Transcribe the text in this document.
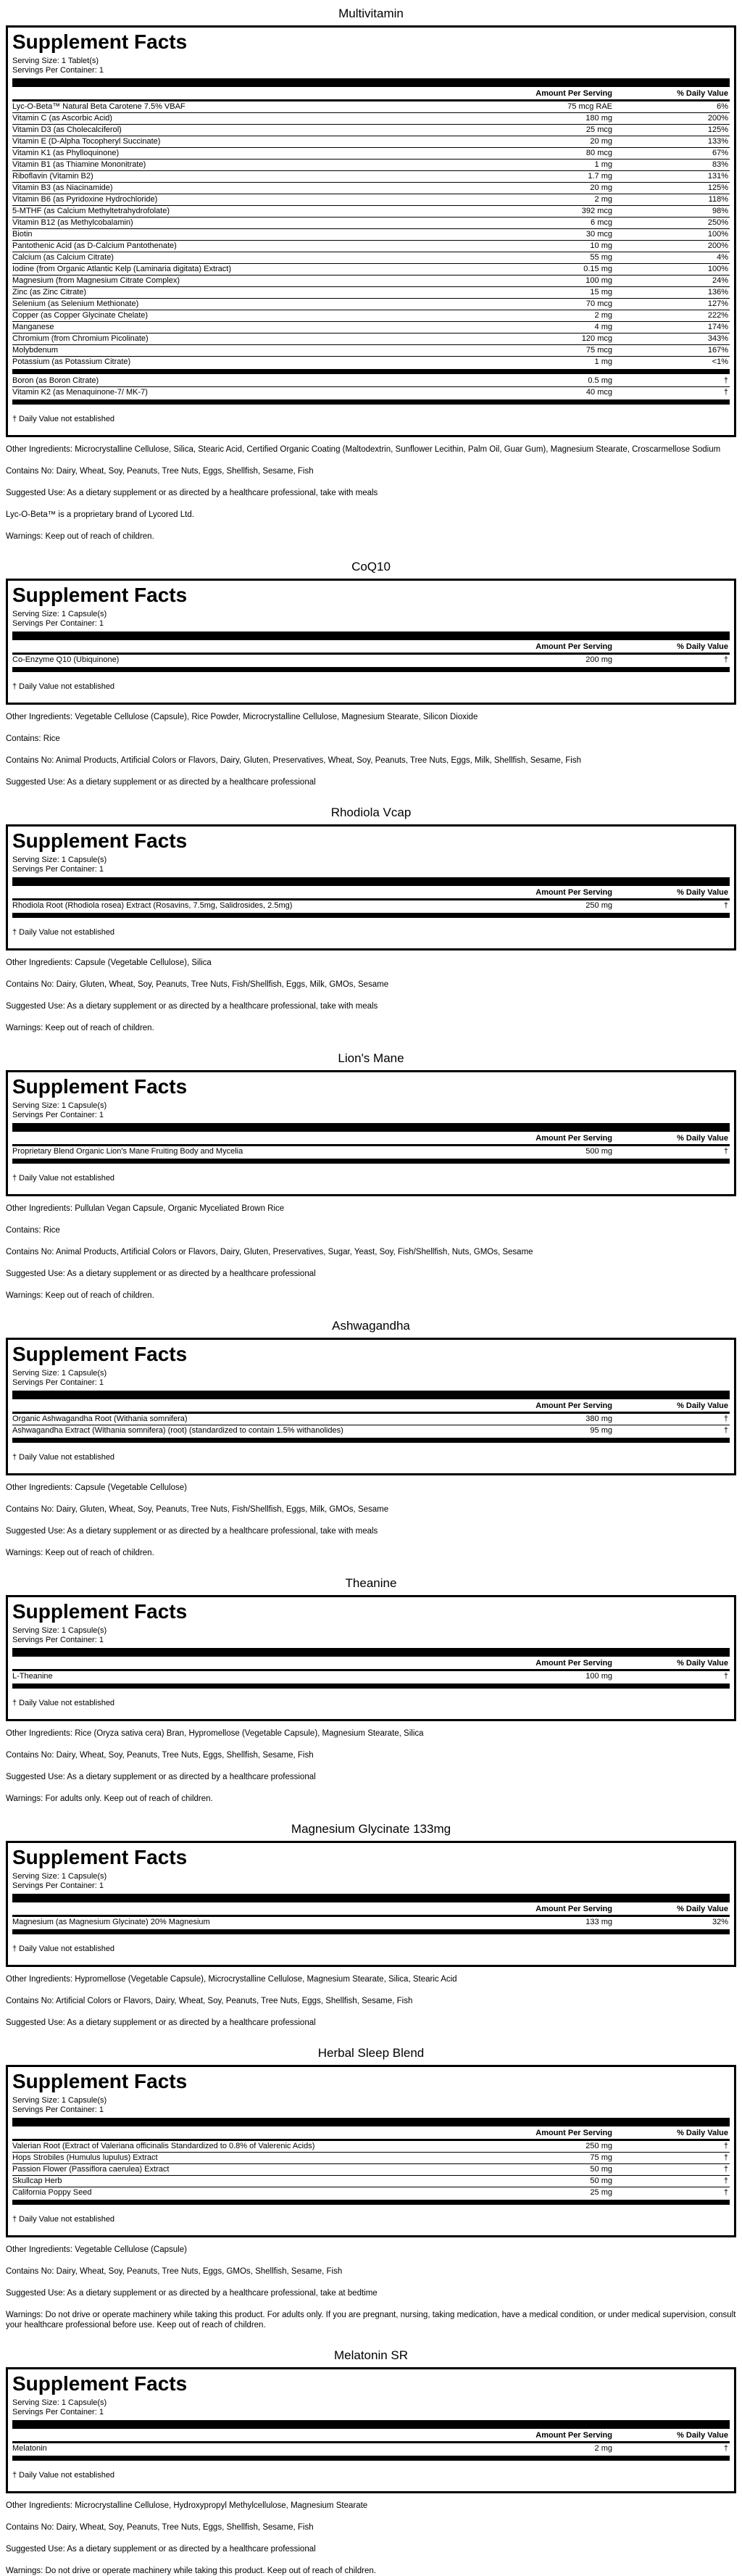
Multivitamin
Supplement Facts
Serving Size: 1 Tablet(s)
Servings Per Container: 1
Amount Per Serving	% Daily Value
Lyc-O-Beta™ Natural Beta Carotene 7.5% VBAF	75 mcg RAE	6%
Vitamin C (as Ascorbic Acid)	180 mg	200%
Vitamin D3 (as Cholecalciferol)	25 mcg	125%
Vitamin E (D-Alpha Tocopheryl Succinate)	20 mg	133%
Vitamin K1 (as Phylloquinone)	80 mcg	67%
Vitamin B1 (as Thiamine Mononitrate)	1 mg	83%
Riboflavin (Vitamin B2)	1.7 mg	131%
Vitamin B3 (as Niacinamide)	20 mg	125%
Vitamin B6 (as Pyridoxine Hydrochloride)	2 mg	118%
5-MTHF (as Calcium Methyltetrahydrofolate)	392 mcg	98%
Vitamin B12 (as Methylcobalamin)	6 mcg	250%
Biotin	30 mcg	100%
Pantothenic Acid (as D-Calcium Pantothenate)	10 mg	200%
Calcium (as Calcium Citrate)	55 mg	4%
Iodine (from Organic Atlantic Kelp (Laminaria digitata) Extract)	0.15 mg	100%
Magnesium (from Magnesium Citrate Complex)	100 mg	24%
Zinc (as Zinc Citrate)	15 mg	136%
Selenium (as Selenium Methionate)	70 mcg	127%
Copper (as Copper Glycinate Chelate)	2 mg	222%
Manganese	4 mg	174%
Chromium (from Chromium Picolinate)	120 mcg	343%
Molybdenum	75 mcg	167%
Potassium (as Potassium Citrate)	1 mg	<1%
Boron (as Boron Citrate)	0.5 mg	†
Vitamin K2 (as Menaquinone-7/ MK-7)	40 mcg	†
† Daily Value not established

Other Ingredients: Microcrystalline Cellulose, Silica, Stearic Acid, Certified Organic Coating (Maltodextrin, Sunflower Lecithin, Palm Oil, Guar Gum), Magnesium Stearate, Croscarmellose Sodium

Contains No: Dairy, Wheat, Soy, Peanuts, Tree Nuts, Eggs, Shellfish, Sesame, Fish

Suggested Use: As a dietary supplement or as directed by a healthcare professional, take with meals

Lyc-O-Beta™ is a proprietary brand of Lycored Ltd.

Warnings: Keep out of reach of children.

CoQ10
Supplement Facts
Serving Size: 1 Capsule(s)
Servings Per Container: 1
Amount Per Serving	% Daily Value
Co-Enzyme Q10 (Ubiquinone)	200 mg	†
† Daily Value not established

Other Ingredients: Vegetable Cellulose (Capsule), Rice Powder, Microcrystalline Cellulose, Magnesium Stearate, Silicon Dioxide

Contains: Rice

Contains No: Animal Products, Artificial Colors or Flavors, Dairy, Gluten, Preservatives, Wheat, Soy, Peanuts, Tree Nuts, Eggs, Milk, Shellfish, Sesame, Fish

Suggested Use: As a dietary supplement or as directed by a healthcare professional

Rhodiola Vcap
Supplement Facts
Serving Size: 1 Capsule(s)
Servings Per Container: 1
Amount Per Serving	% Daily Value
Rhodiola Root (Rhodiola rosea) Extract (Rosavins, 7.5mg, Salidrosides, 2.5mg)	250 mg	†
† Daily Value not established

Other Ingredients: Capsule (Vegetable Cellulose), Silica

Contains No: Dairy, Gluten, Wheat, Soy, Peanuts, Tree Nuts, Fish/Shellfish, Eggs, Milk, GMOs, Sesame

Suggested Use: As a dietary supplement or as directed by a healthcare professional, take with meals

Warnings: Keep out of reach of children.

Lion's Mane
Supplement Facts
Serving Size: 1 Capsule(s)
Servings Per Container: 1
Amount Per Serving	% Daily Value
Proprietary Blend Organic Lion's Mane Fruiting Body and Mycelia	500 mg	†
† Daily Value not established

Other Ingredients: Pullulan Vegan Capsule, Organic Myceliated Brown Rice

Contains: Rice

Contains No: Animal Products, Artificial Colors or Flavors, Dairy, Gluten, Preservatives, Sugar, Yeast, Soy, Fish/Shellfish, Nuts, GMOs, Sesame

Suggested Use: As a dietary supplement or as directed by a healthcare professional

Warnings: Keep out of reach of children.

Ashwagandha
Supplement Facts
Serving Size: 1 Capsule(s)
Servings Per Container: 1
Amount Per Serving	% Daily Value
Organic Ashwagandha Root (Withania somnifera)	380 mg	†
Ashwagandha Extract (Withania somnifera) (root) (standardized to contain 1.5% withanolides)	95 mg	†
† Daily Value not established

Other Ingredients: Capsule (Vegetable Cellulose)

Contains No: Dairy, Gluten, Wheat, Soy, Peanuts, Tree Nuts, Fish/Shellfish, Eggs, Milk, GMOs, Sesame

Suggested Use: As a dietary supplement or as directed by a healthcare professional, take with meals

Warnings: Keep out of reach of children.

Theanine
Supplement Facts
Serving Size: 1 Capsule(s)
Servings Per Container: 1
Amount Per Serving	% Daily Value
L-Theanine	100 mg	†
† Daily Value not established

Other Ingredients: Rice (Oryza sativa cera) Bran, Hypromellose (Vegetable Capsule), Magnesium Stearate, Silica

Contains No: Dairy, Wheat, Soy, Peanuts, Tree Nuts, Eggs, Shellfish, Sesame, Fish

Suggested Use: As a dietary supplement or as directed by a healthcare professional

Warnings: For adults only. Keep out of reach of children.

Magnesium Glycinate 133mg
Supplement Facts
Serving Size: 1 Capsule(s)
Servings Per Container: 1
Amount Per Serving	% Daily Value
Magnesium (as Magnesium Glycinate) 20% Magnesium	133 mg	32%
† Daily Value not established

Other Ingredients: Hypromellose (Vegetable Capsule), Microcrystalline Cellulose, Magnesium Stearate, Silica, Stearic Acid

Contains No: Artificial Colors or Flavors, Dairy, Wheat, Soy, Peanuts, Tree Nuts, Eggs, Shellfish, Sesame, Fish

Suggested Use: As a dietary supplement or as directed by a healthcare professional

Herbal Sleep Blend
Supplement Facts
Serving Size: 1 Capsule(s)
Servings Per Container: 1
Amount Per Serving	% Daily Value
Valerian Root (Extract of Valeriana officinalis Standardized to 0.8% of Valerenic Acids)	250 mg	†
Hops Strobiles (Humulus lupulus) Extract	75 mg	†
Passion Flower (Passiflora caerulea) Extract	50 mg	†
Skullcap Herb	50 mg	†
California Poppy Seed	25 mg	†
† Daily Value not established

Other Ingredients: Vegetable Cellulose (Capsule)

Contains No: Dairy, Wheat, Soy, Peanuts, Tree Nuts, Eggs, GMOs, Shellfish, Sesame, Fish

Suggested Use: As a dietary supplement or as directed by a healthcare professional, take at bedtime

Warnings: Do not drive or operate machinery while taking this product. For adults only. If you are pregnant, nursing, taking medication, have a medical condition, or under medical supervision, consult your healthcare professional before use. Keep out of reach of children.

Melatonin SR
Supplement Facts
Serving Size: 1 Capsule(s)
Servings Per Container: 1
Amount Per Serving	% Daily Value
Melatonin	2 mg	†
† Daily Value not established

Other Ingredients: Microcrystalline Cellulose, Hydroxypropyl Methylcellulose, Magnesium Stearate

Contains No: Dairy, Wheat, Soy, Peanuts, Tree Nuts, Eggs, Shellfish, Sesame, Fish

Suggested Use: As a dietary supplement or as directed by a healthcare professional

Warnings: Do not drive or operate machinery while taking this product. Keep out of reach of children.
